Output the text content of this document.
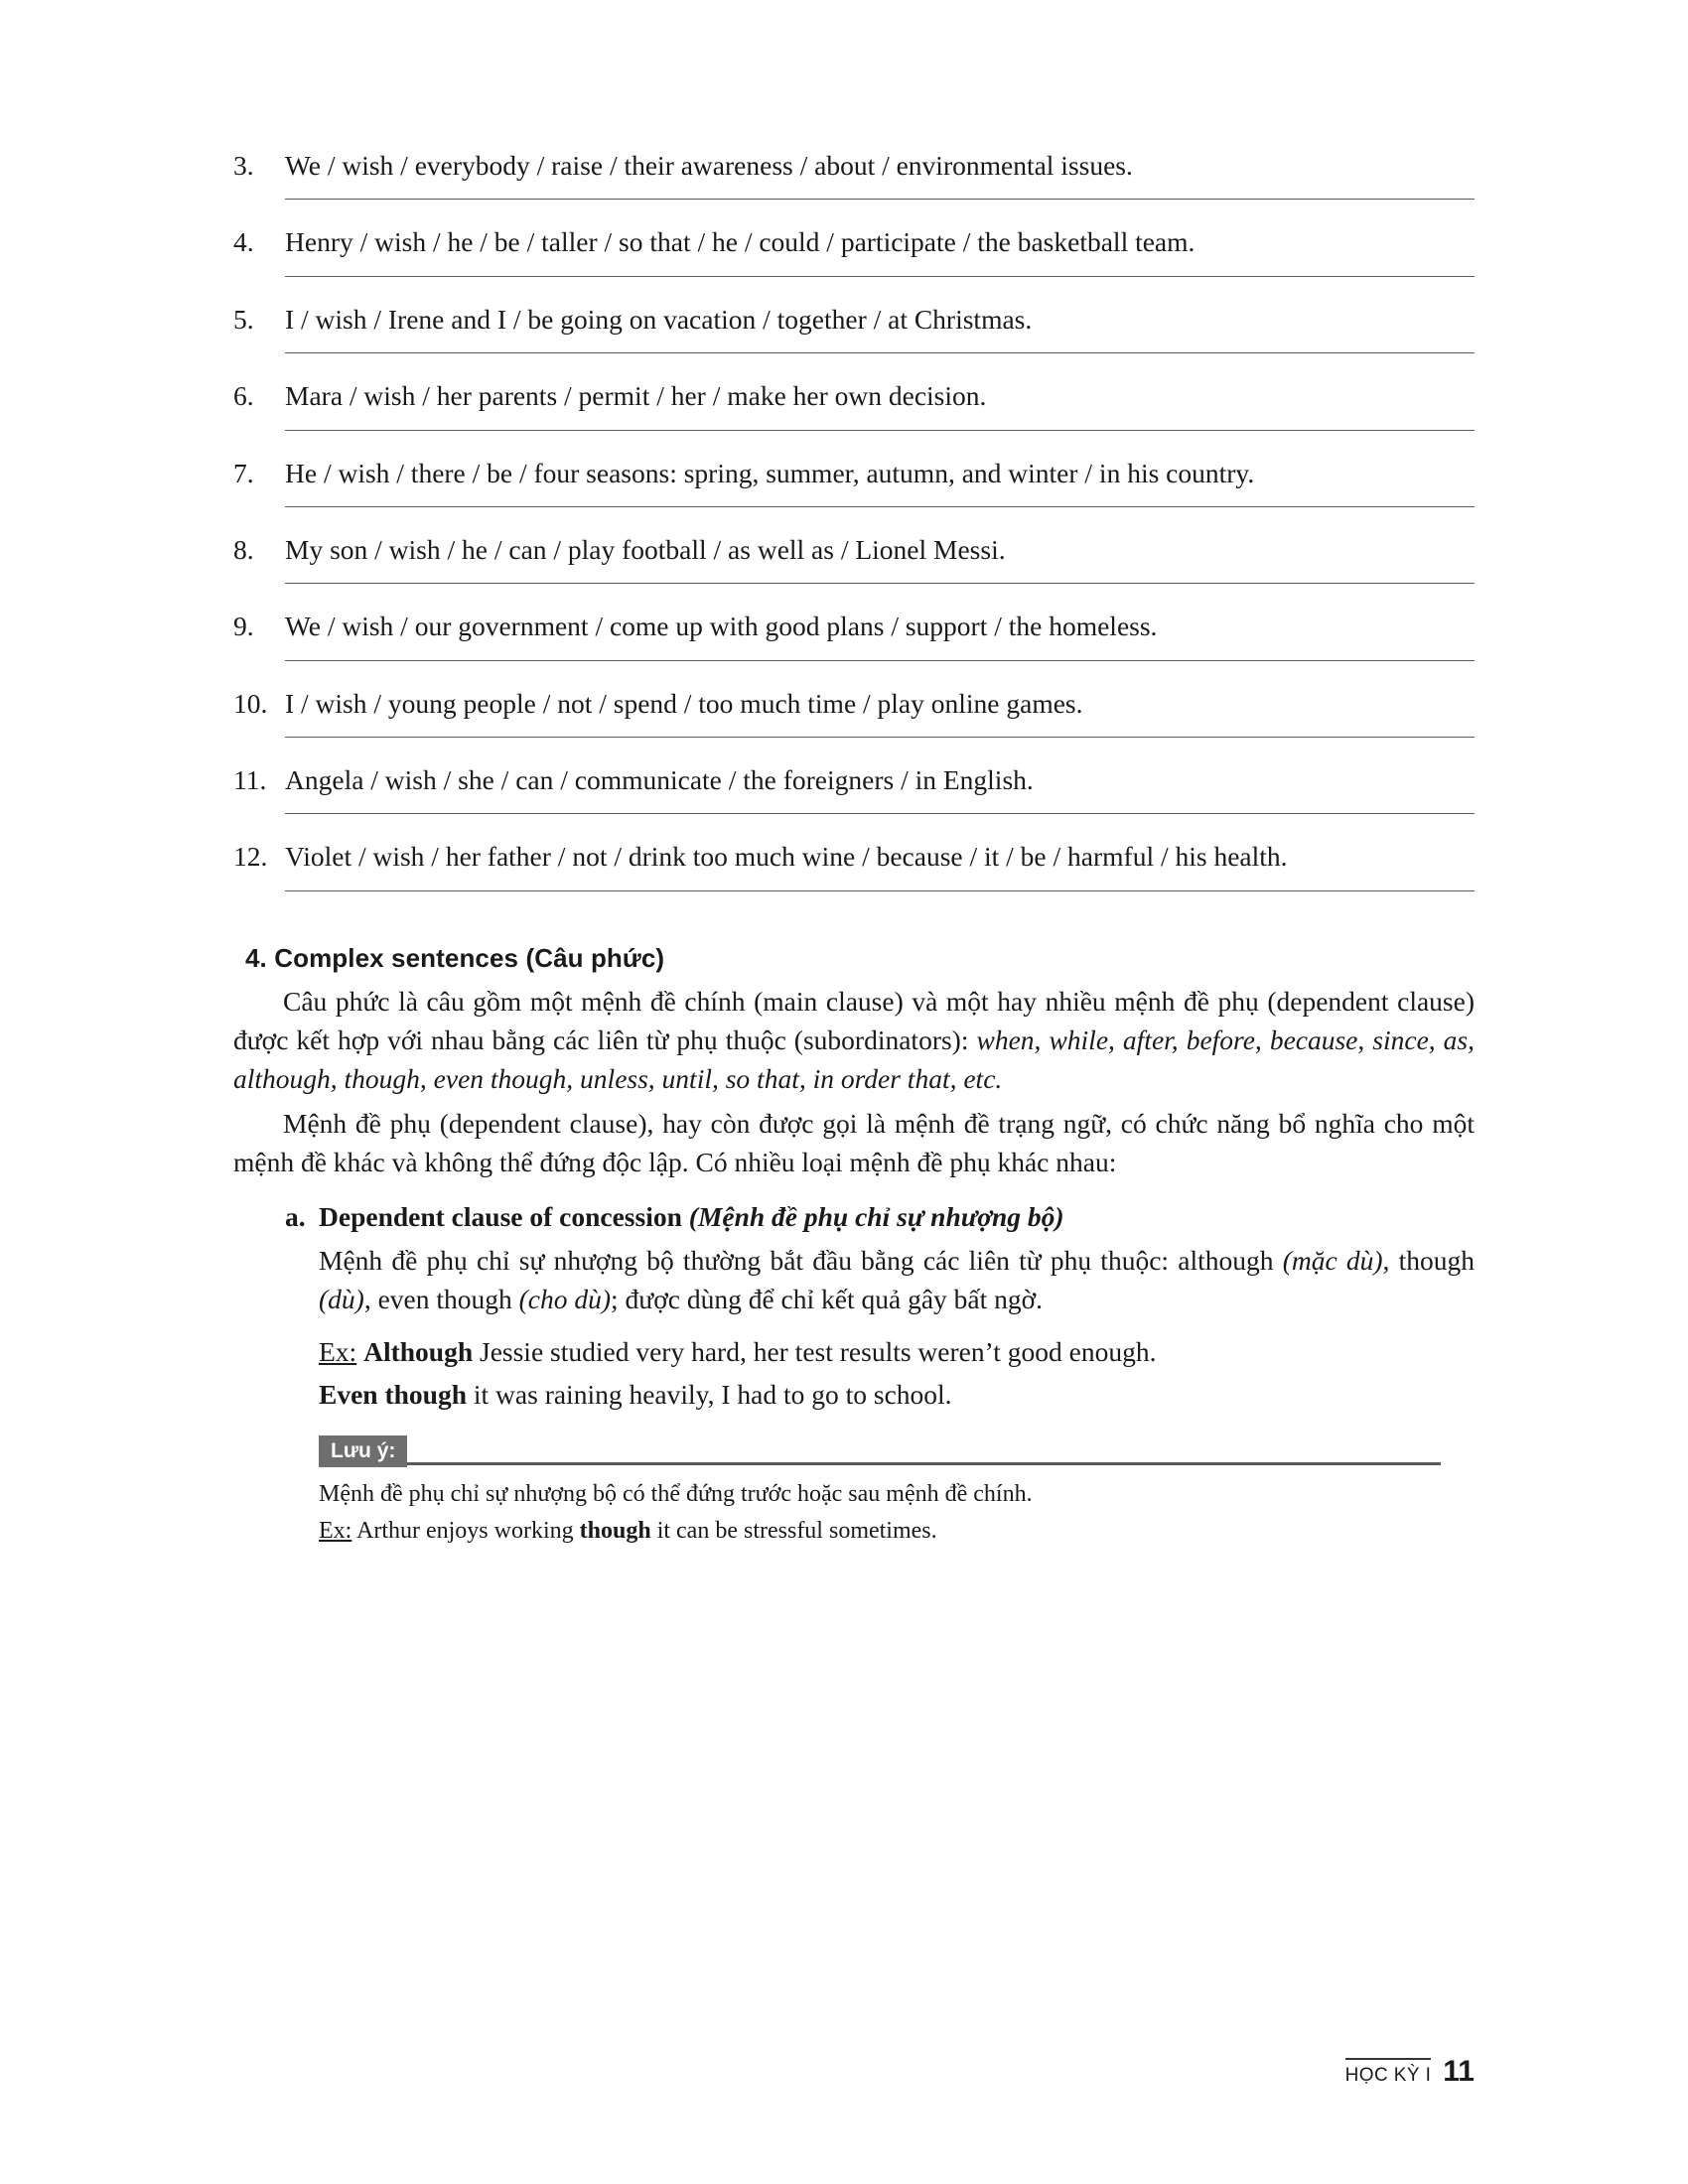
3.	We / wish / everybody / raise / their awareness / about / environmental issues.
4.	Henry / wish / he / be / taller / so that / he / could / participate / the basketball team.
5.	I / wish / Irene and I / be going on vacation / together / at Christmas.
6.	Mara / wish / her parents / permit / her / make her own decision.
7.	He / wish / there / be / four seasons: spring, summer, autumn, and winter / in his country.
8.	My son / wish / he / can / play football / as well as / Lionel Messi.
9.	We / wish / our government / come up with good plans / support / the homeless.
10. I / wish / young people / not / spend / too much time / play online games.
11. Angela / wish / she / can / communicate / the foreigners / in English.
12. Violet / wish / her father / not / drink too much wine / because / it / be / harmful / his health.
4. Complex sentences (Câu phức)

Câu phức là câu gồm một mệnh đề chính (main clause) và một hay nhiều mệnh đề phụ (dependent clause) được kết hợp với nhau bằng các liên từ phụ thuộc (subordinators): when, while, after, before, because, since, as, although, though, even though, unless, until, so that, in order that, etc.

Mệnh đề phụ (dependent clause), hay còn được gọi là mệnh đề trạng ngữ, có chức năng bổ nghĩa cho một mệnh đề khác và không thể đứng độc lập. Có nhiều loại mệnh đề phụ khác nhau:

a. Dependent clause of concession (Mệnh đề phụ chỉ sự nhượng bộ)

Mệnh đề phụ chỉ sự nhượng bộ thường bắt đầu bằng các liên từ phụ thuộc: although (mặc dù), though (dù), even though (cho dù); được dùng để chỉ kết quả gây bất ngờ.

Ex: Although Jessie studied very hard, her test results weren’t good enough.

Even though it was raining heavily, I had to go to school.

Lưu ý:

Mệnh đề phụ chỉ sự nhượng bộ có thể đứng trước hoặc sau mệnh đề chính.

Ex: Arthur enjoys working though it can be stressful sometimes.

HỌC KỲ I 11
